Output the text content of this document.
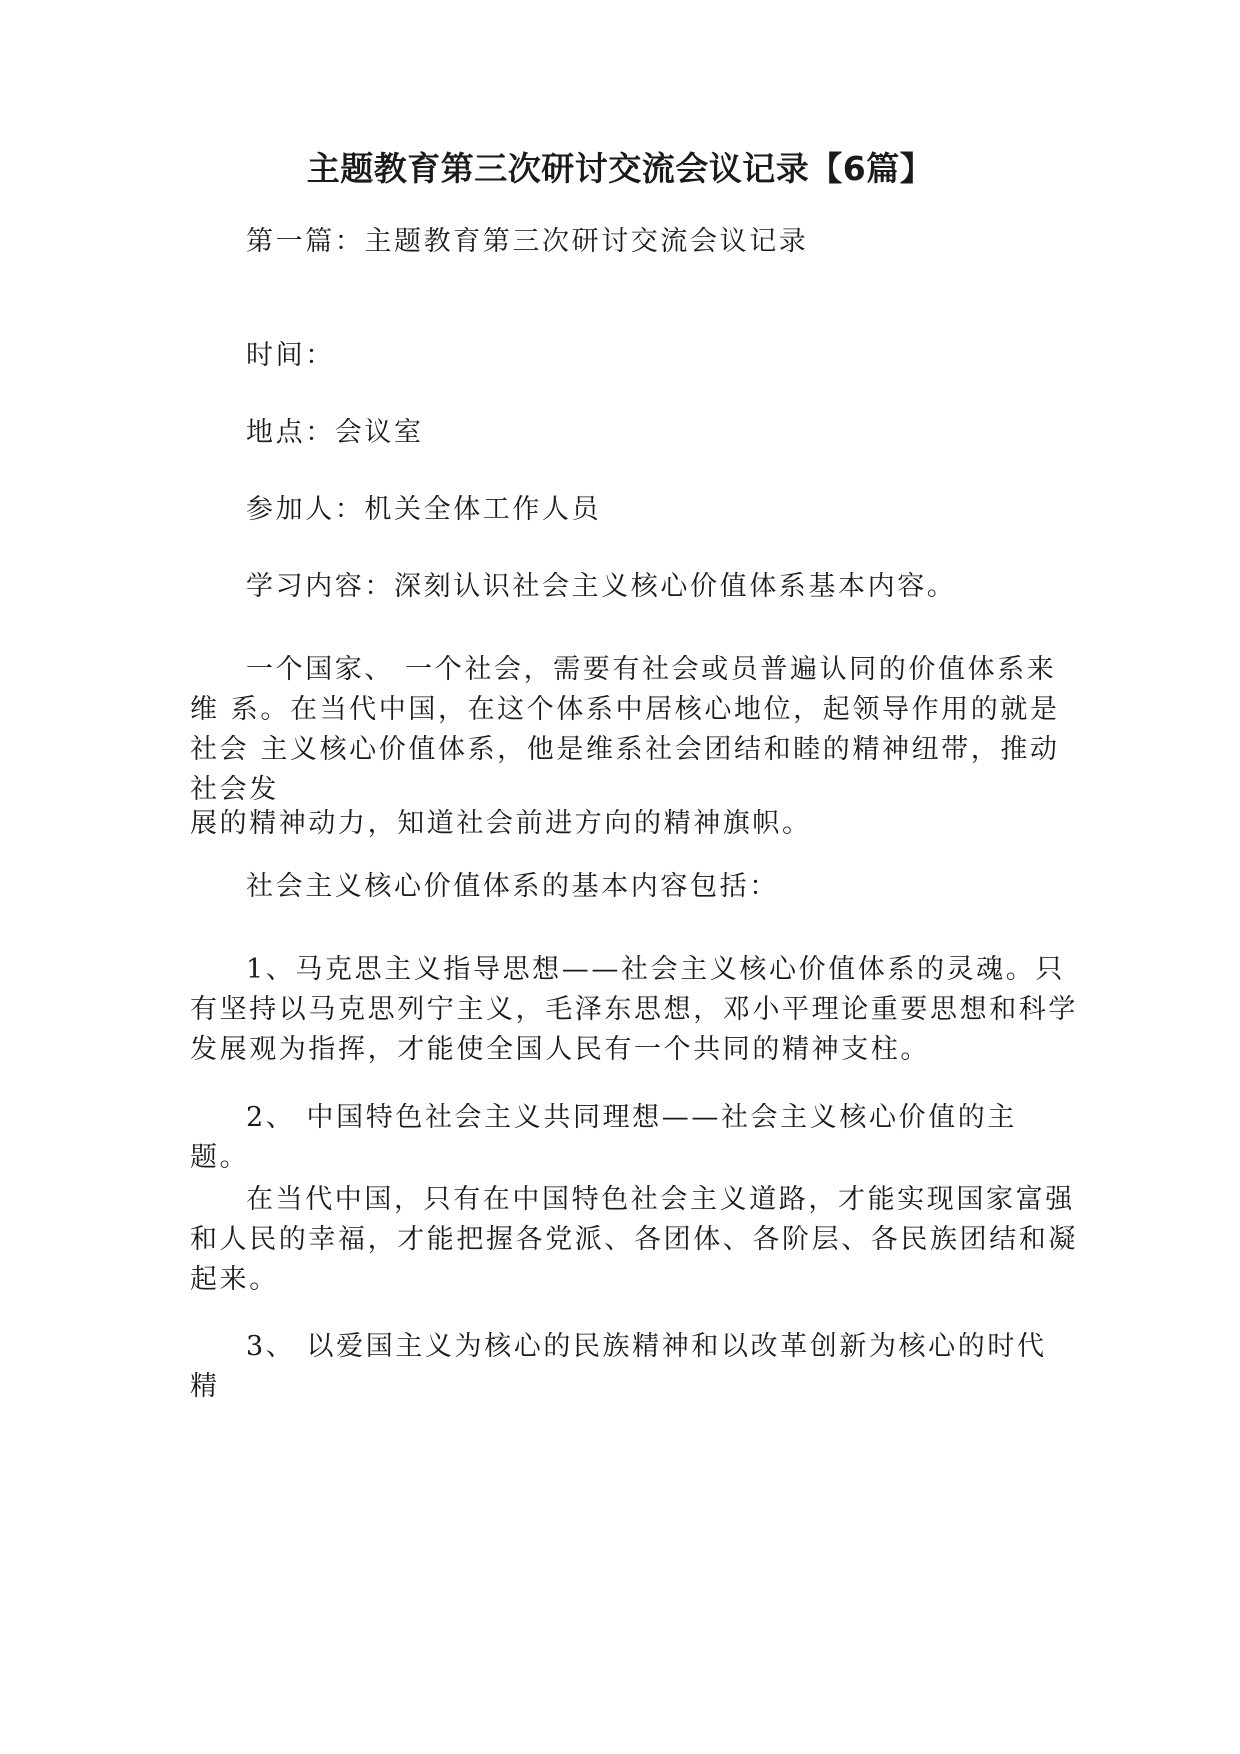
主题教育第三次研讨交流会议记录【6篇】

第一篇：主题教育第三次研讨交流会议记录

时间：

地点：会议室

参加人：机关全体工作人员

学习内容：深刻认识社会主义核心价值体系基本内容。

一个国家、 一个社会，需要有社会或员普遍认同的价值体系来
维 系。在当代中国，在这个体系中居核心地位，起领导作用的就是
社会 主义核心价值体系，他是维系社会团结和睦的精神纽带，推动
社会发
展的精神动力，知道社会前进方向的精神旗帜。

社会主义核心价值体系的基本内容包括：

1、马克思主义指导思想——社会主义核心价值体系的灵魂。只
有坚持以马克思列宁主义，毛泽东思想，邓小平理论重要思想和科学
发展观为指挥，才能使全国人民有一个共同的精神支柱。

2、 中国特色社会主义共同理想——社会主义核心价值的主题。

在当代中国，只有在中国特色社会主义道路，才能实现国家富强
和人民的幸福，才能把握各党派、各团体、各阶层、各民族团结和凝
起来。

3、 以爱国主义为核心的民族精神和以改革创新为核心的时代精
